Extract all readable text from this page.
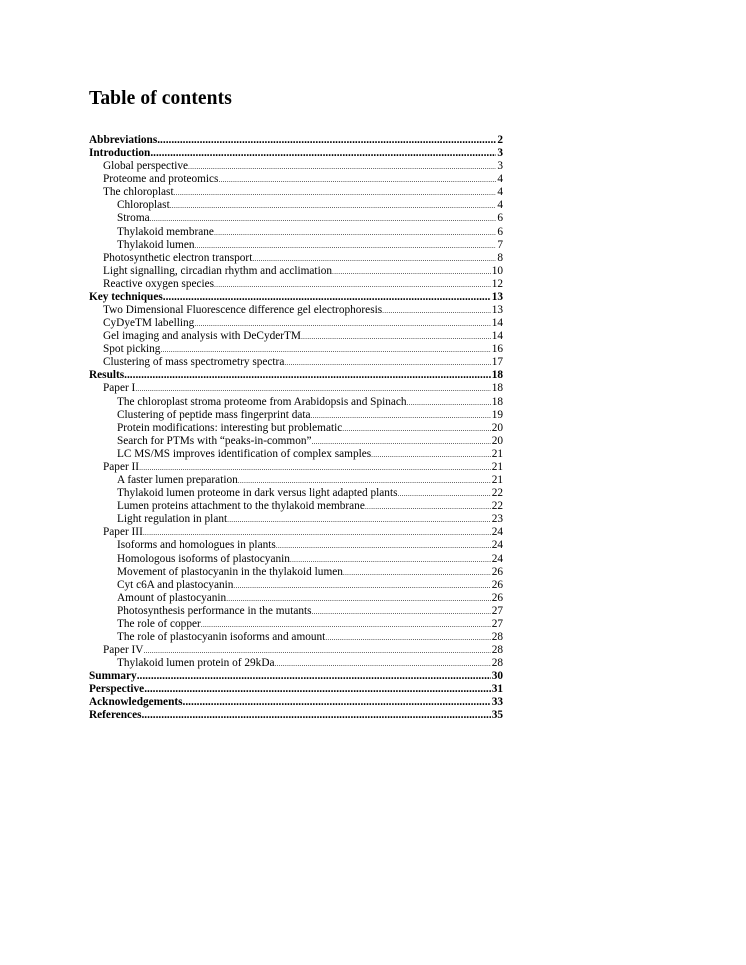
Table of contents
Abbreviations .....	2
Introduction .....	3
Global perspective .....	3
Proteome and proteomics .....	4
The chloroplast .....	4
Chloroplast .....	4
Stroma .....	6
Thylakoid membrane .....	6
Thylakoid lumen .....	7
Photosynthetic electron transport .....	8
Light signalling, circadian rhythm and acclimation .....	10
Reactive oxygen species .....	12
Key techniques .....	13
Two Dimensional Fluorescence difference gel electrophoresis .....	13
CyDyeTM labelling .....	14
Gel imaging and analysis with DeCyderTM .....	14
Spot picking .....	16
Clustering of mass spectrometry spectra .....	17
Results .....	18
Paper I .....	18
The chloroplast stroma proteome from Arabidopsis and Spinach .....	18
Clustering of peptide mass fingerprint data .....	19
Protein modifications: interesting but problematic .....	20
Search for PTMs with “peaks-in-common” .....	20
LC MS/MS improves identification of complex samples .....	21
Paper II .....	21
A faster lumen preparation .....	21
Thylakoid lumen proteome in dark versus light adapted plants .....	22
Lumen proteins attachment to the thylakoid membrane .....	22
Light regulation in plant .....	23
Paper III .....	24
Isoforms and homologues in plants .....	24
Homologous isoforms of plastocyanin .....	24
Movement of plastocyanin in the thylakoid lumen .....	26
Cyt c6A and plastocyanin .....	26
Amount of plastocyanin .....	26
Photosynthesis performance in the mutants .....	27
The role of copper .....	27
The role of plastocyanin isoforms and amount .....	28
Paper IV .....	28
Thylakoid lumen protein of 29kDa .....	28
Summary .....	30
Perspective .....	31
Acknowledgements .....	33
References .....	35
